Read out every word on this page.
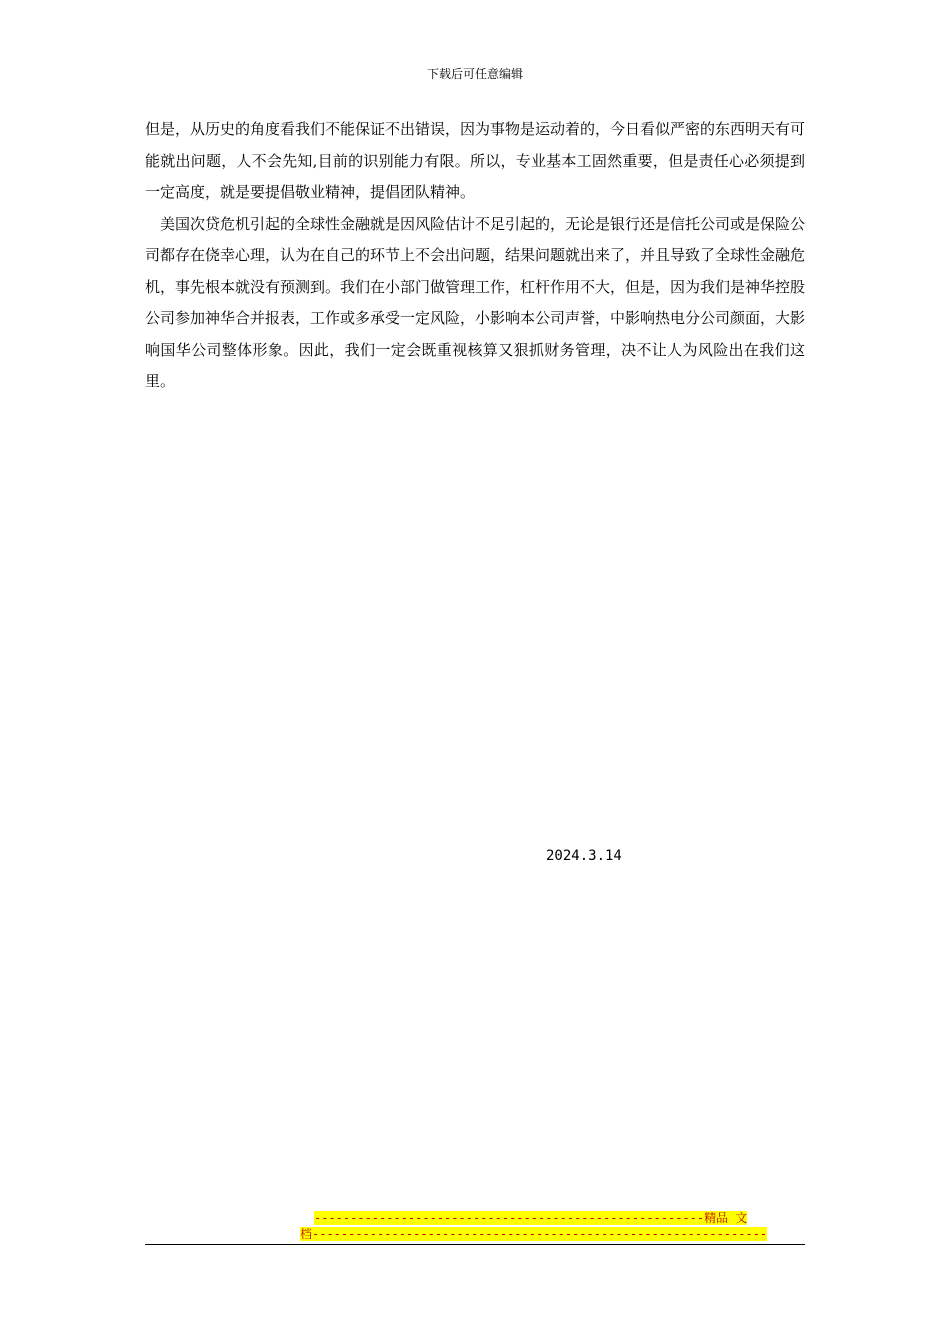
下载后可任意编辑

但是，从历史的角度看我们不能保证不出错误，因为事物是运动着的，今日看似严密的东西明天有可能就出问题，人不会先知,目前的识别能力有限。所以，专业基本工固然重要，但是责任心必须提到一定高度，就是要提倡敬业精神，提倡团队精神。

美国次贷危机引起的全球性金融就是因风险估计不足引起的，无论是银行还是信托公司或是保险公司都存在侥幸心理，认为在自己的环节上不会出问题，结果问题就出来了，并且导致了全球性金融危机，事先根本就没有预测到。我们在小部门做管理工作，杠杆作用不大，但是，因为我们是神华控股公司参加神华合并报表，工作或多承受一定风险，小影响本公司声誉，中影响热电分公司颜面，大影响国华公司整体形象。因此，我们一定会既重视核算又狠抓财务管理，决不让人为风险出在我们这里。

2024.3.14
------------------------------------------------------精品 文
档---------------------------------------------------------------
